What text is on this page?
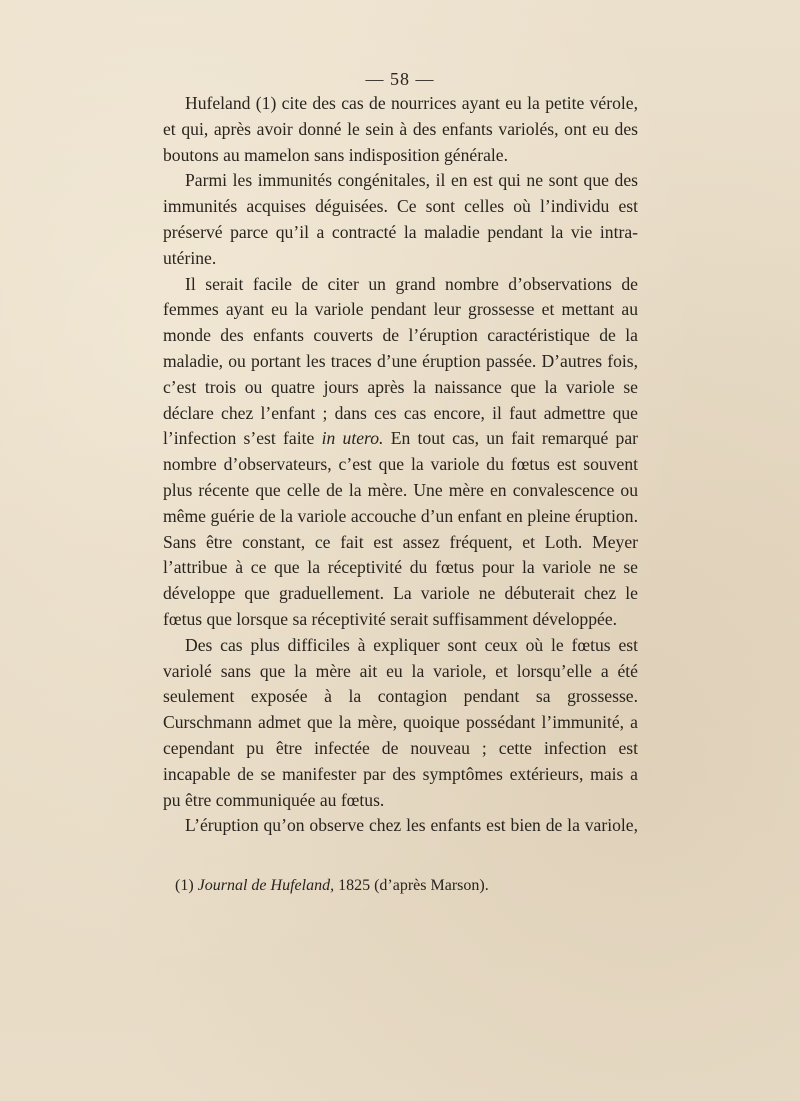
— 58 —

Hufeland (1) cite des cas de nourrices ayant eu la petite vérole, et qui, après avoir donné le sein à des enfants variolés, ont eu des boutons au mamelon sans indisposition générale.

Parmi les immunités congénitales, il en est qui ne sont que des immunités acquises déguisées. Ce sont celles où l’individu est préservé parce qu’il a contracté la maladie pendant la vie intra-utérine.

Il serait facile de citer un grand nombre d’observations de femmes ayant eu la variole pendant leur grossesse et mettant au monde des enfants couverts de l’éruption caractéristique de la maladie, ou portant les traces d’une éruption passée. D’autres fois, c’est trois ou quatre jours après la naissance que la variole se déclare chez l’enfant ; dans ces cas encore, il faut admettre que l’infection s’est faite in utero. En tout cas, un fait remarqué par nombre d’observateurs, c’est que la variole du fœtus est souvent plus récente que celle de la mère. Une mère en convalescence ou même guérie de la variole accouche d’un enfant en pleine éruption. Sans être constant, ce fait est assez fréquent, et Loth. Meyer l’attribue à ce que la réceptivité du fœtus pour la variole ne se développe que graduellement. La variole ne débuterait chez le fœtus que lorsque sa réceptivité serait suffisamment développée.

Des cas plus difficiles à expliquer sont ceux où le fœtus est variolé sans que la mère ait eu la variole, et lorsqu’elle a été seulement exposée à la contagion pendant sa grossesse. Curschmann admet que la mère, quoique possédant l’immunité, a cependant pu être infectée de nouveau ; cette infection est incapable de se manifester par des symptômes extérieurs, mais a pu être communiquée au fœtus.

L’éruption qu’on observe chez les enfants est bien de la variole,

(1) Journal de Hufeland, 1825 (d’après Marson).
